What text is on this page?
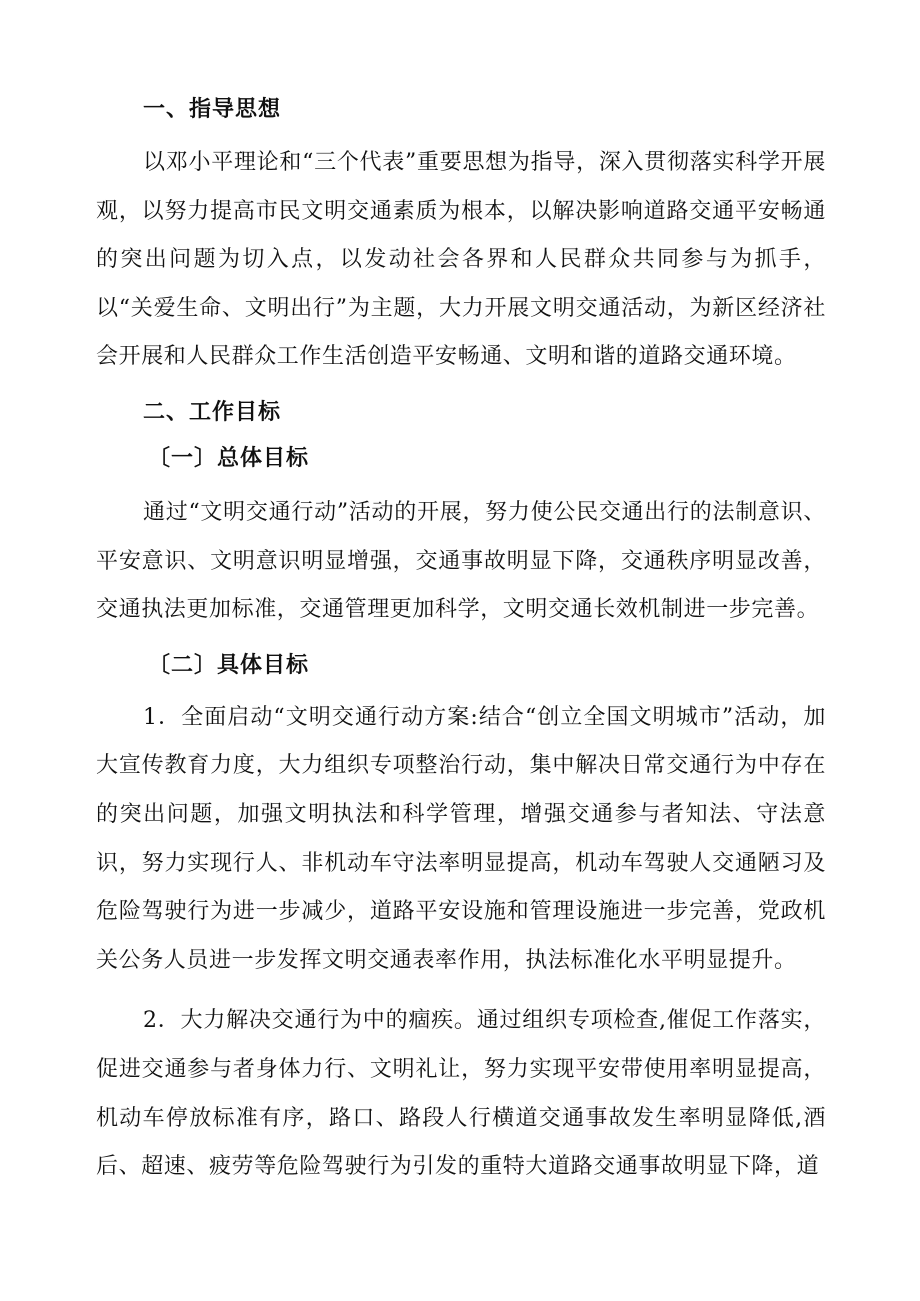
一、指导思想

以邓小平理论和“三个代表”重要思想为指导，深入贯彻落实科学开展观，以努力提高市民文明交通素质为根本，以解决影响道路交通平安畅通的突出问题为切入点，以发动社会各界和人民群众共同参与为抓手，以“关爱生命、文明出行”为主题，大力开展文明交通活动，为新区经济社会开展和人民群众工作生活创造平安畅通、文明和谐的道路交通环境。

二、工作目标

〔一〕总体目标

通过“文明交通行动”活动的开展，努力使公民交通出行的法制意识、平安意识、文明意识明显增强，交通事故明显下降，交通秩序明显改善，交通执法更加标准，交通管理更加科学，文明交通长效机制进一步完善。

〔二〕具体目标

1．全面启动“文明交通行动方案:结合“创立全国文明城市”活动，加大宣传教育力度，大力组织专项整治行动，集中解决日常交通行为中存在的突出问题，加强文明执法和科学管理，增强交通参与者知法、守法意识，努力实现行人、非机动车守法率明显提高，机动车驾驶人交通陋习及危险驾驶行为进一步减少，道路平安设施和管理设施进一步完善，党政机关公务人员进一步发挥文明交通表率作用，执法标准化水平明显提升。

2．大力解决交通行为中的痼疾。通过组织专项检查,催促工作落实，促进交通参与者身体力行、文明礼让，努力实现平安带使用率明显提高，机动车停放标准有序，路口、路段人行横道交通事故发生率明显降低,酒后、超速、疲劳等危险驾驶行为引发的重特大道路交通事故明显下降，道
